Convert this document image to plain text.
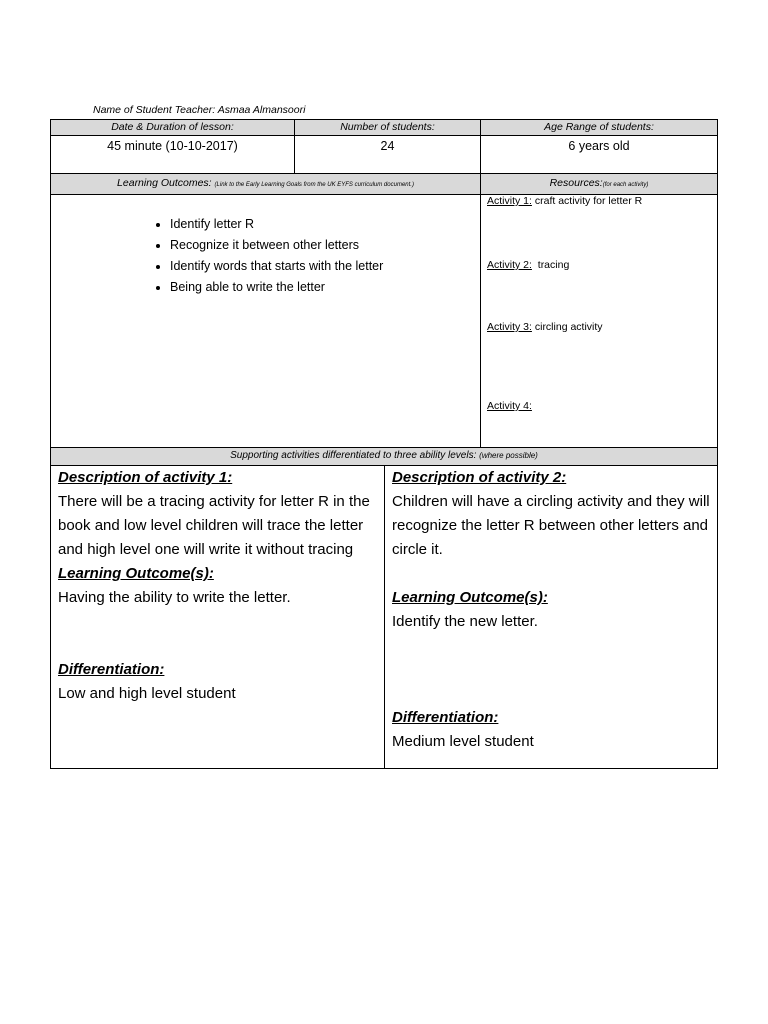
Name of Student Teacher: Asmaa Almansoori
Date & Duration of lesson:	Number of students:	Age Range of students:
45 minute (10-10-2017)	24	6 years old
Learning Outcomes: (Link to the Early Learning Goals from the UK EYFS curriculum document.)	Resources:(for each activity)
• Identify letter R
• Recognize it between other letters
• Identify words that starts with the letter
• Being able to write the letter
Activity 1: craft activity for letter R
Activity 2:  tracing
Activity 3: circling activity
Activity 4:
Supporting activities differentiated to three ability levels: (where possible)
Description of activity 1:
There will be a tracing activity for letter R in the book and low level children will trace the letter and high level one will write it without tracing
Learning Outcome(s):
Having the ability to write the letter.
Differentiation:
Low and high level student
Description of activity 2:
Children will have a circling activity and they will recognize the letter R between other letters and circle it.
Learning Outcome(s):
Identify the new letter.
Differentiation:
Medium level student
